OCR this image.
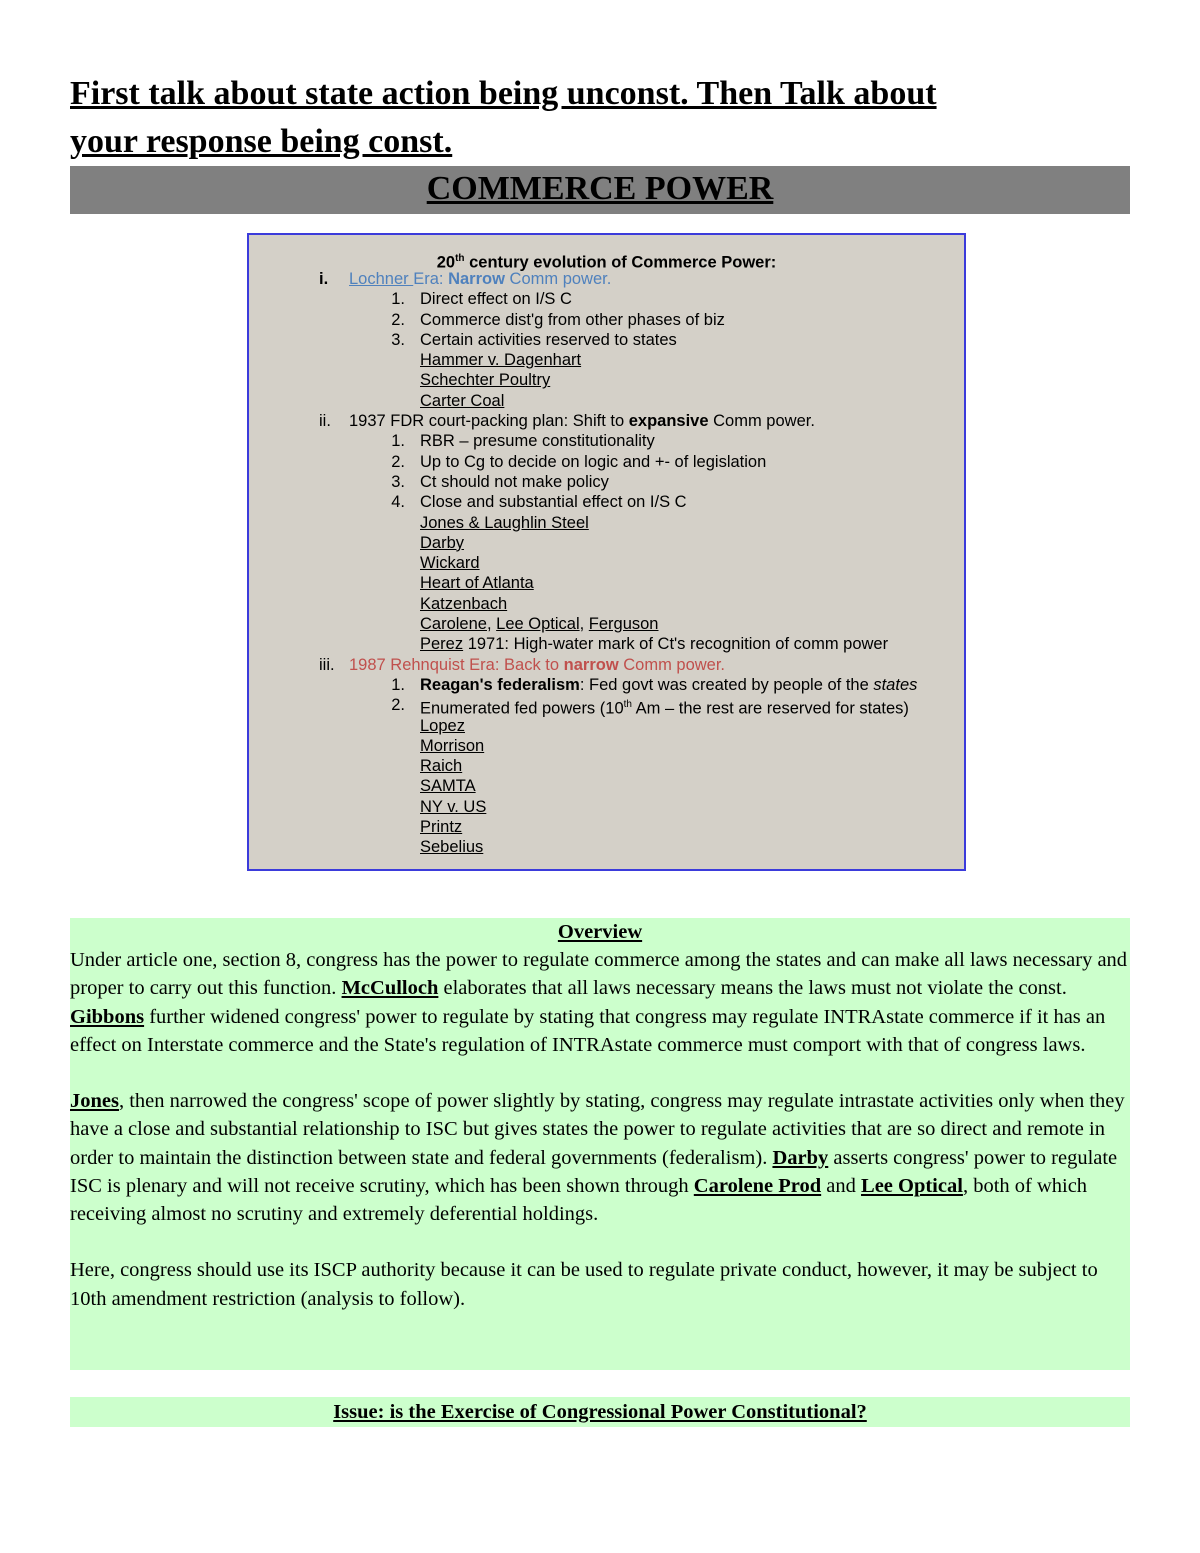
First talk about state action being unconst. Then Talk about
your response being const.

COMMERCE POWER
20th century evolution of Commerce Power:
i.	Lochner Era: Narrow Comm power.
1. Direct effect on I/S C
2. Commerce dist'g from other phases of biz
3. Certain activities reserved to states
Hammer v. Dagenhart
Schechter Poultry
Carter Coal
ii.	1937 FDR court-packing plan: Shift to expansive Comm power.
1. RBR – presume constitutionality
2. Up to Cg to decide on logic and +- of legislation
3. Ct should not make policy
4. Close and substantial effect on I/S C
Jones & Laughlin Steel
Darby
Wickard
Heart of Atlanta
Katzenbach
Carolene, Lee Optical, Ferguson
Perez 1971: High-water mark of Ct's recognition of comm power
iii. 1987 Rehnquist Era: Back to narrow Comm power.
1. Reagan's federalism: Fed govt was created by people of the states
2. Enumerated fed powers (10th Am – the rest are reserved for states)
Lopez
Morrison
Raich
SAMTA
NY v. US
Printz
Sebelius
Overview

Under article one, section 8, congress has the power to regulate commerce among the states and can make all laws necessary and proper to carry out this function. McCulloch elaborates that all laws necessary means the laws must not violate the const. Gibbons further widened congress' power to regulate by stating that congress may regulate INTRAstate commerce if it has an effect on Interstate commerce and the State's regulation of INTRAstate commerce must comport with that of congress laws.

Jones, then narrowed the congress' scope of power slightly by stating, congress may regulate intrastate activities only when they have a close and substantial relationship to ISC but gives states the power to regulate activities that are so direct and remote in order to maintain the distinction between state and federal governments (federalism). Darby asserts congress' power to regulate ISC is plenary and will not receive scrutiny, which has been shown through Carolene Prod and Lee Optical, both of which receiving almost no scrutiny and extremely deferential holdings.

Here, congress should use its ISCP authority because it can be used to regulate private conduct, however, it may be subject to 10th amendment restriction (analysis to follow).

Issue: is the Exercise of Congressional Power Constitutional?
